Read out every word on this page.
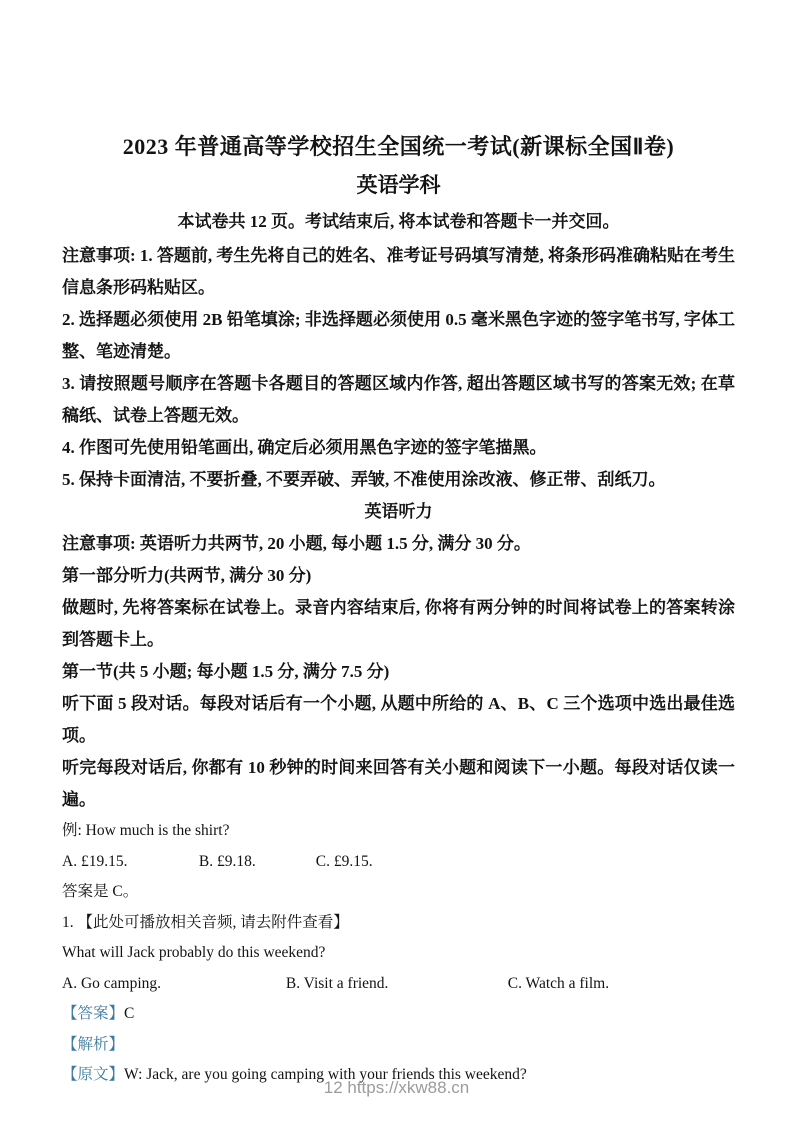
2023 年普通高等学校招生全国统一考试(新课标全国Ⅱ卷)
英语学科
本试卷共 12 页。考试结束后, 将本试卷和答题卡一并交回。

注意事项: 1. 答题前, 考生先将自己的姓名、准考证号码填写清楚, 将条形码准确粘贴在考生信息条形码粘贴区。

2. 选择题必须使用 2B 铅笔填涂; 非选择题必须使用 0.5 毫米黑色字迹的签字笔书写, 字体工整、笔迹清楚。

3. 请按照题号顺序在答题卡各题目的答题区域内作答, 超出答题区域书写的答案无效; 在草稿纸、试卷上答题无效。

4. 作图可先使用铅笔画出, 确定后必须用黑色字迹的签字笔描黑。

5. 保持卡面清洁, 不要折叠, 不要弄破、弄皱, 不准使用涂改液、修正带、刮纸刀。

英语听力

注意事项: 英语听力共两节, 20 小题, 每小题 1.5 分, 满分 30 分。

第一部分听力(共两节, 满分 30 分)

做题时, 先将答案标在试卷上。录音内容结束后, 你将有两分钟的时间将试卷上的答案转涂到答题卡上。

第一节(共 5 小题; 每小题 1.5 分, 满分 7.5 分)

听下面 5 段对话。每段对话后有一个小题, 从题中所给的 A、B、C 三个选项中选出最佳选项。

听完每段对话后, 你都有 10 秒钟的时间来回答有关小题和阅读下一小题。每段对话仅读一遍。

例: How much is the shirt?

A. £19.15.	B. £9.18.	C. £9.15.

答案是 C。

1. 【此处可播放相关音频, 请去附件查看】

What will Jack probably do this weekend?

A. Go camping.	B. Visit a friend.	C. Watch a film.

【答案】C

【解析】

【原文】W: Jack, are you going camping with your friends this weekend?

12 https://xkw88.cn
